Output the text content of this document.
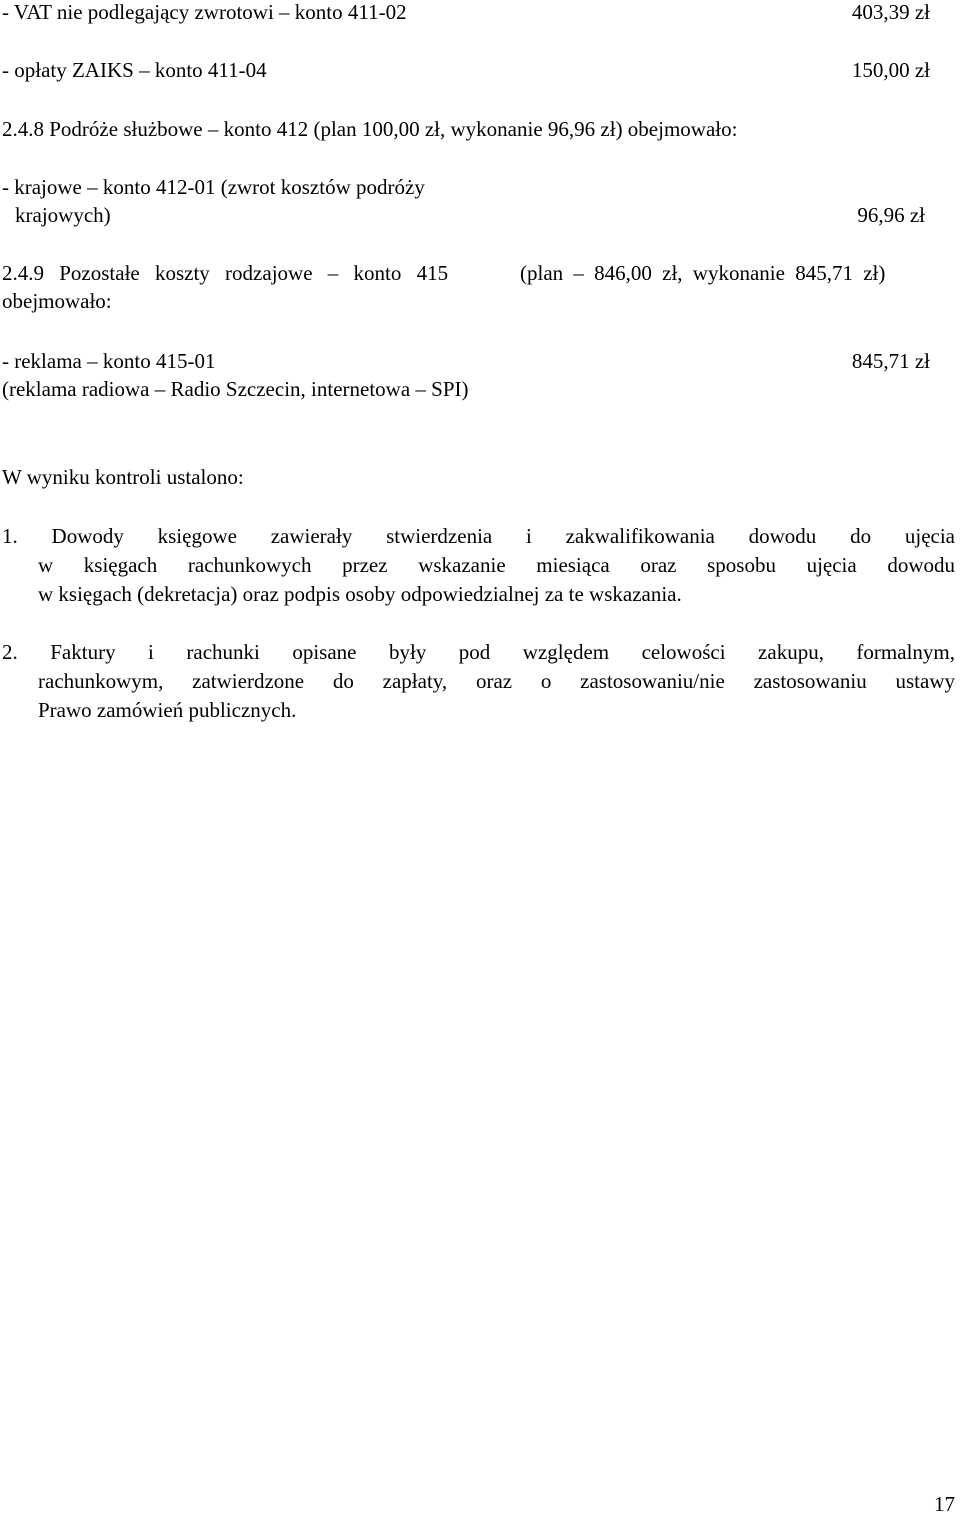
- VAT nie podlegający zwrotowi – konto 411-02	403,39 zł
- opłaty ZAIKS – konto 411-04	150,00 zł
2.4.8 Podróże służbowe – konto 412 (plan 100,00 zł, wykonanie 96,96 zł) obejmowało:
- krajowe – konto 412-01 (zwrot kosztów podróży
krajowych)	96,96 zł
2.4.9 Pozostałe koszty rodzajowe – konto 415	(plan – 846,00 zł, wykonanie 845,71 zł)
obejmowało:
- reklama – konto 415-01	845,71 zł
(reklama radiowa – Radio Szczecin, internetowa – SPI)
W wyniku kontroli ustalono:
1. Dowody księgowe zawierały stwierdzenia i zakwalifikowania dowodu do ujęcia
w księgach rachunkowych przez wskazanie miesiąca oraz sposobu ujęcia dowodu
w księgach (dekretacja) oraz podpis osoby odpowiedzialnej za te wskazania.
2. Faktury i rachunki opisane były pod względem celowości zakupu, formalnym,
rachunkowym, zatwierdzone do zapłaty, oraz o zastosowaniu/nie zastosowaniu ustawy
Prawo zamówień publicznych.
17
